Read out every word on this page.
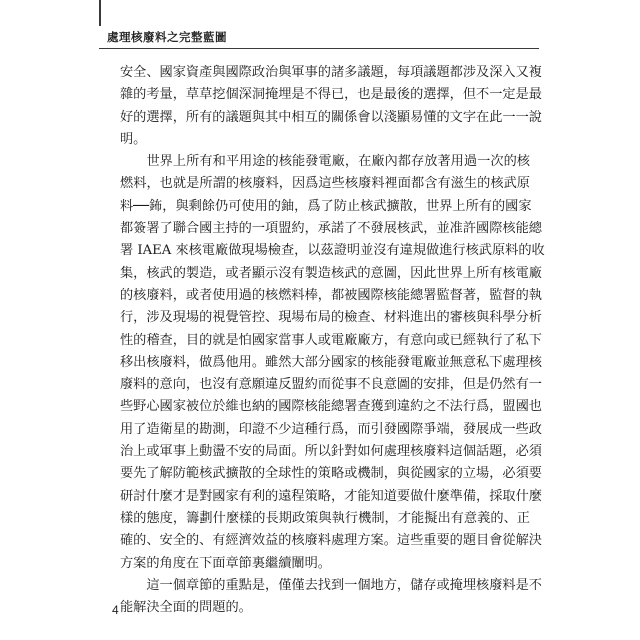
處理核廢料之完整藍圖

安全、國家資產與國際政治與軍事的諸多議題，每項議題都涉及深入又複
雜的考量，草草挖個深洞掩埋是不得已，也是最後的選擇，但不一定是最
好的選擇，所有的議題與其中相互的關係會以淺顯易懂的文字在此一一說
明。

　　世界上所有和平用途的核能發電廠，在廠內都存放著用過一次的核
燃料，也就是所謂的核廢料，因爲這些核廢料裡面都含有滋生的核武原
料──鈽，與剩餘仍可使用的鈾，爲了防止核武擴散，世界上所有的國家
都簽署了聯合國主持的一項盟約，承諾了不發展核武，並准許國際核能總
署 IAEA 來核電廠做現場檢查，以茲證明並沒有違規做進行核武原料的收
集，核武的製造，或者顯示沒有製造核武的意圖，因此世界上所有核電廠
的核廢料，或者使用過的核燃料棒，都被國際核能總署監督著，監督的執
行，涉及現場的視覺管控、現場布局的檢查、材料進出的審核與科學分析
性的稽查，目的就是怕國家當事人或電廠廠方，有意向或已經執行了私下
移出核廢料，做爲他用。雖然大部分國家的核能發電廠並無意私下處理核
廢料的意向，也沒有意願違反盟約而從事不良意圖的安排，但是仍然有一
些野心國家被位於維也納的國際核能總署查獲到違約之不法行爲，盟國也
用了造衛星的勘測，印證不少這種行爲，而引發國際爭端，發展成一些政
治上或軍事上動盪不安的局面。所以針對如何處理核廢料這個話題，必須
要先了解防範核武擴散的全球性的策略或機制，與從國家的立場，必須要
研討什麼才是對國家有利的遠程策略，才能知道要做什麼準備，採取什麼
樣的態度，籌劃什麼樣的長期政策與執行機制，才能擬出有意義的、正
確的、安全的、有經濟效益的核廢料處理方案。這些重要的題目會從解決
方案的角度在下面章節裏繼續闡明。

　　這一個章節的重點是，僅僅去找到一個地方，儲存或掩埋核廢料是不
能解決全面的問題的。

4
